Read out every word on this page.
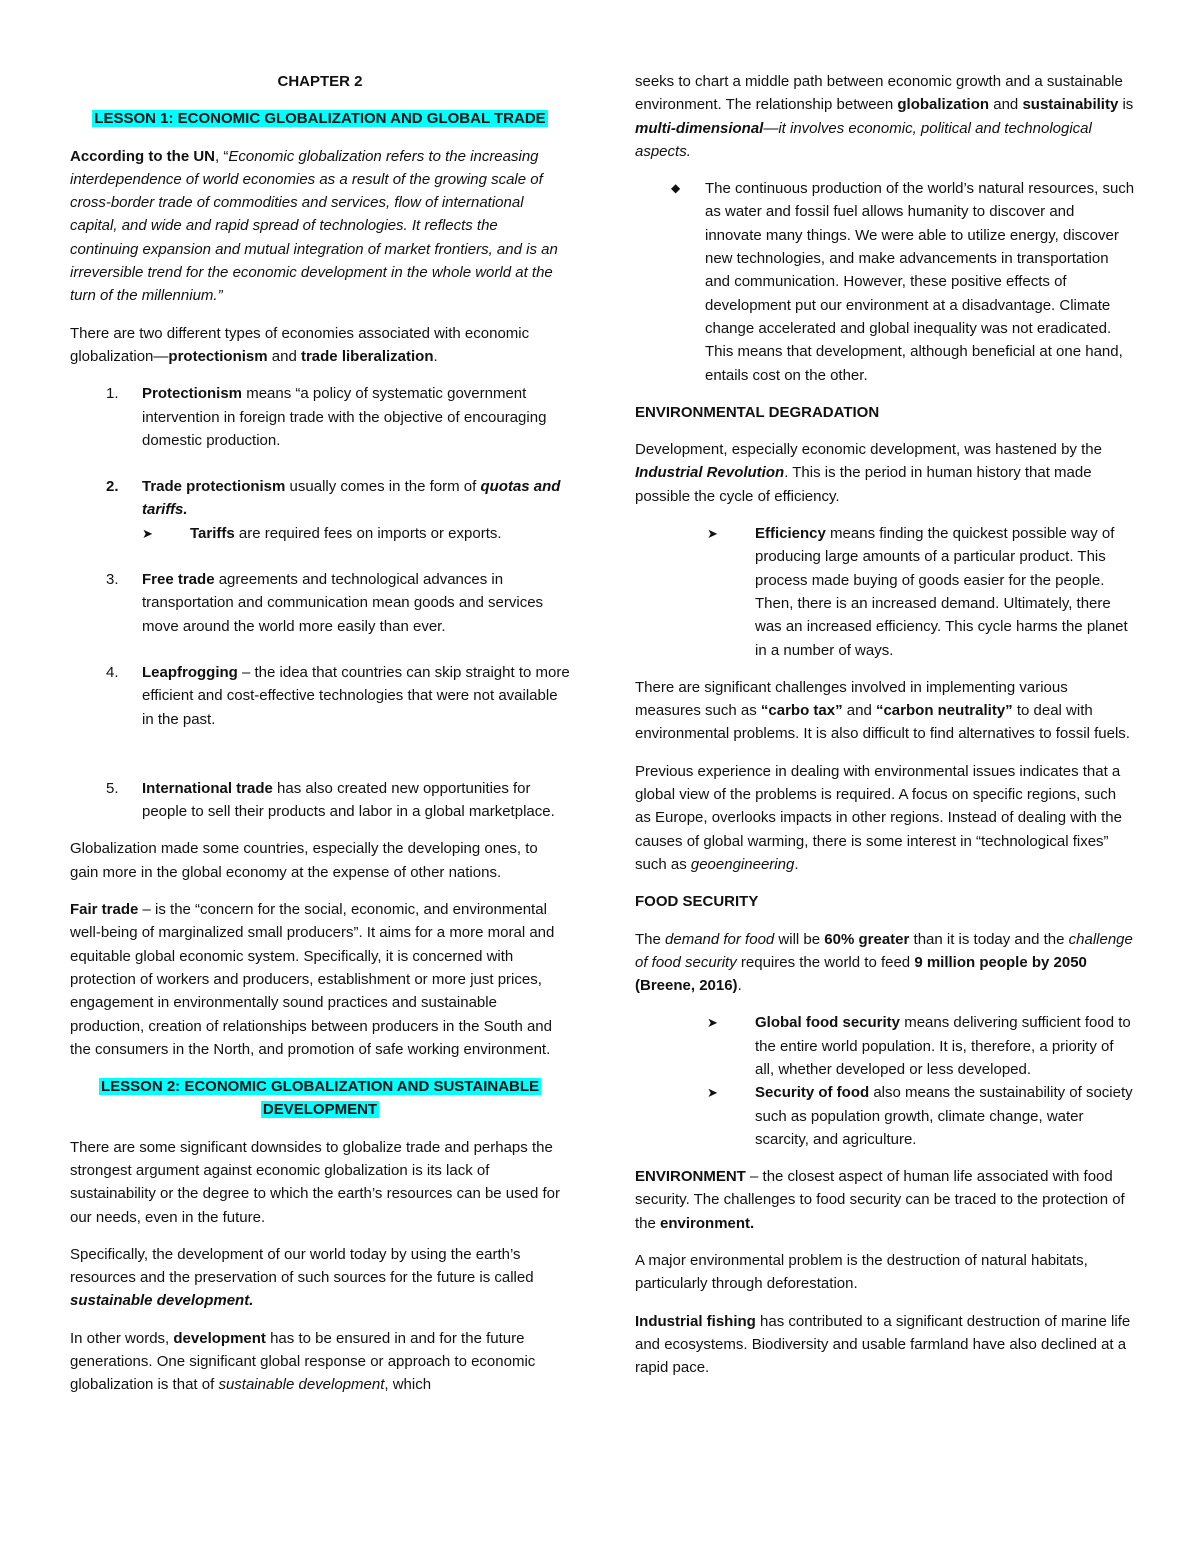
CHAPTER 2

LESSON 1: ECONOMIC GLOBALIZATION AND GLOBAL TRADE

According to the UN, “Economic globalization refers to the increasing interdependence of world economies as a result of the growing scale of cross-border trade of commodities and services, flow of international capital, and wide and rapid spread of technologies. It reflects the continuing expansion and mutual integration of market frontiers, and is an irreversible trend for the economic development in the whole world at the turn of the millennium.”

There are two different types of economies associated with economic globalization—protectionism and trade liberalization.

1. Protectionism means “a policy of systematic government intervention in foreign trade with the objective of encouraging domestic production.
2. Trade protectionism usually comes in the form of quotas and tariffs.
➤ Tariffs are required fees on imports or exports.
3. Free trade agreements and technological advances in transportation and communication mean goods and services move around the world more easily than ever.
4. Leapfrogging – the idea that countries can skip straight to more efficient and cost-effective technologies that were not available in the past.
5. International trade has also created new opportunities for people to sell their products and labor in a global marketplace.

Globalization made some countries, especially the developing ones, to gain more in the global economy at the expense of other nations.

Fair trade – is the “concern for the social, economic, and environmental well-being of marginalized small producers”. It aims for a more moral and equitable global economic system. Specifically, it is concerned with protection of workers and producers, establishment or more just prices, engagement in environmentally sound practices and sustainable production, creation of relationships between producers in the South and the consumers in the North, and promotion of safe working environment.

LESSON 2: ECONOMIC GLOBALIZATION AND SUSTAINABLE
DEVELOPMENT

There are some significant downsides to globalize trade and perhaps the strongest argument against economic globalization is its lack of sustainability or the degree to which the earth’s resources can be used for our needs, even in the future.

Specifically, the development of our world today by using the earth’s resources and the preservation of such sources for the future is called sustainable development.

In other words, development has to be ensured in and for the future generations. One significant global response or approach to economic globalization is that of sustainable development, which

seeks to chart a middle path between economic growth and a sustainable environment. The relationship between globalization and sustainability is multi-dimensional—it involves economic, political and technological aspects.

◆ The continuous production of the world’s natural resources, such as water and fossil fuel allows humanity to discover and innovate many things. We were able to utilize energy, discover new technologies, and make advancements in transportation and communication. However, these positive effects of development put our environment at a disadvantage. Climate change accelerated and global inequality was not eradicated. This means that development, although beneficial at one hand, entails cost on the other.

ENVIRONMENTAL DEGRADATION

Development, especially economic development, was hastened by the Industrial Revolution. This is the period in human history that made possible the cycle of efficiency.

➤ Efficiency means finding the quickest possible way of producing large amounts of a particular product. This process made buying of goods easier for the people. Then, there is an increased demand. Ultimately, there was an increased efficiency. This cycle harms the planet in a number of ways.

There are significant challenges involved in implementing various measures such as “carbo tax” and “carbon neutrality” to deal with environmental problems. It is also difficult to find alternatives to fossil fuels.

Previous experience in dealing with environmental issues indicates that a global view of the problems is required. A focus on specific regions, such as Europe, overlooks impacts in other regions. Instead of dealing with the causes of global warming, there is some interest in “technological fixes” such as geoengineering.

FOOD SECURITY

The demand for food will be 60% greater than it is today and the challenge of food security requires the world to feed 9 million people by 2050 (Breene, 2016).

➤ Global food security means delivering sufficient food to the entire world population. It is, therefore, a priority of all, whether developed or less developed.
➤ Security of food also means the sustainability of society such as population growth, climate change, water scarcity, and agriculture.

ENVIRONMENT – the closest aspect of human life associated with food security. The challenges to food security can be traced to the protection of the environment.

A major environmental problem is the destruction of natural habitats, particularly through deforestation.

Industrial fishing has contributed to a significant destruction of marine life and ecosystems. Biodiversity and usable farmland have also declined at a rapid pace.
